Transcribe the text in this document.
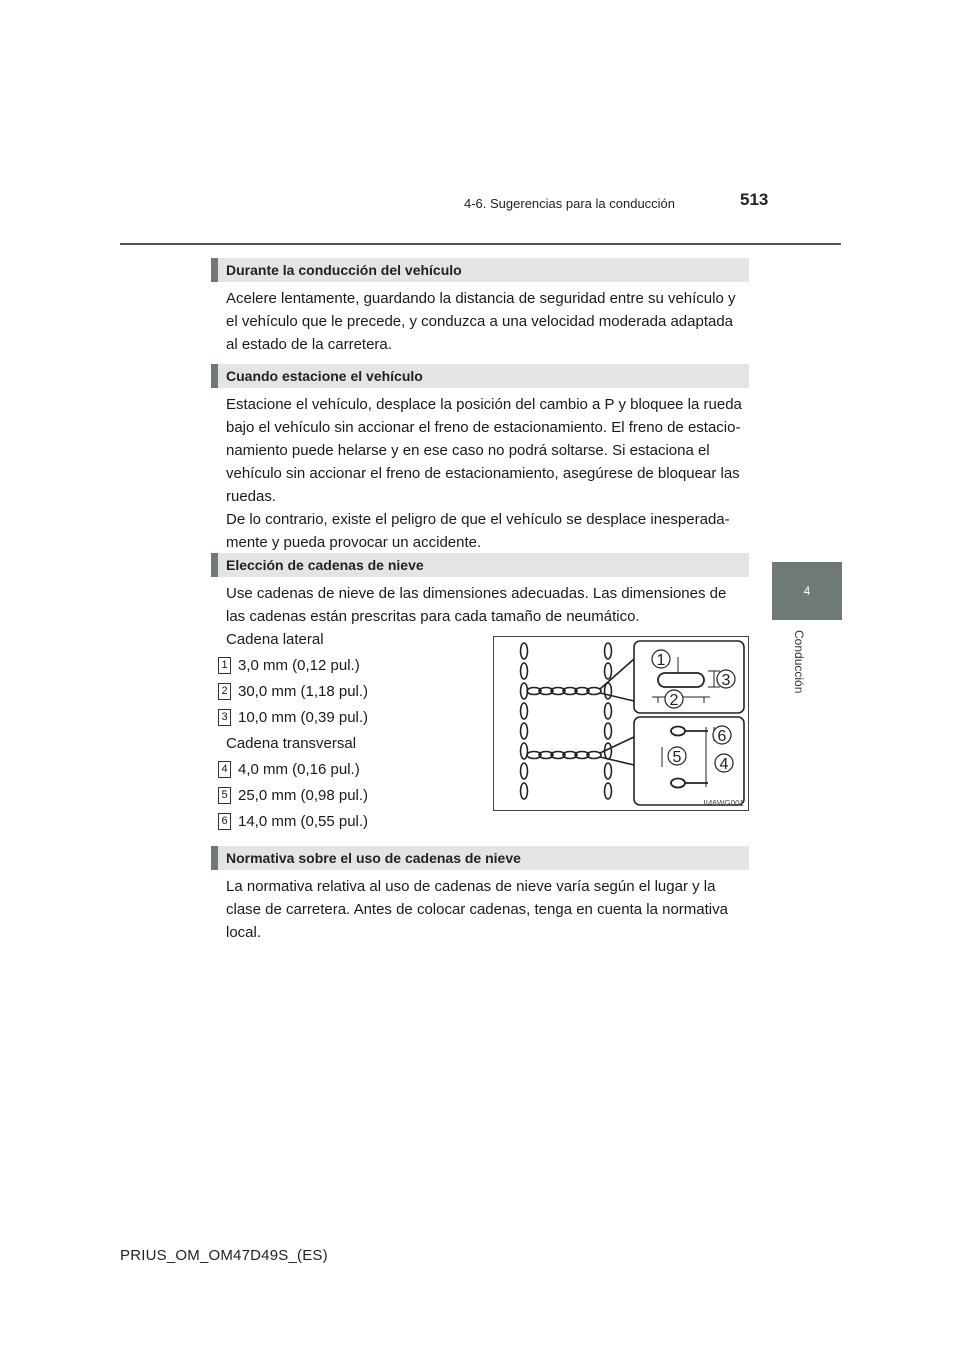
4-6. Sugerencias para la conducción	513
4
Conducción
Durante la conducción del vehículo
Acelere lentamente, guardando la distancia de seguridad entre su vehículo y
el vehículo que le precede, y conduzca a una velocidad moderada adaptada
al estado de la carretera.
Cuando estacione el vehículo
Estacione el vehículo, desplace la posición del cambio a P y bloquee la rueda
bajo el vehículo sin accionar el freno de estacionamiento. El freno de estacio-
namiento puede helarse y en ese caso no podrá soltarse. Si estaciona el
vehículo sin accionar el freno de estacionamiento, asegúrese de bloquear las
ruedas.
De lo contrario, existe el peligro de que el vehículo se desplace inesperada-
mente y pueda provocar un accidente.
Elección de cadenas de nieve
Use cadenas de nieve de las dimensiones adecuadas. Las dimensiones de
las cadenas están prescritas para cada tamaño de neumático.
Cadena lateral
1 3,0 mm (0,12 pul.)
2 30,0 mm (1,18 pul.)
3 10,0 mm (0,39 pul.)
Cadena transversal
4 4,0 mm (0,16 pul.)
5 25,0 mm (0,98 pul.)
6 14,0 mm (0,55 pul.)
1
2
3
4
5
6
II46WG001
Normativa sobre el uso de cadenas de nieve
La normativa relativa al uso de cadenas de nieve varía según el lugar y la
clase de carretera. Antes de colocar cadenas, tenga en cuenta la normativa
local.
PRIUS_OM_OM47D49S_(ES)
